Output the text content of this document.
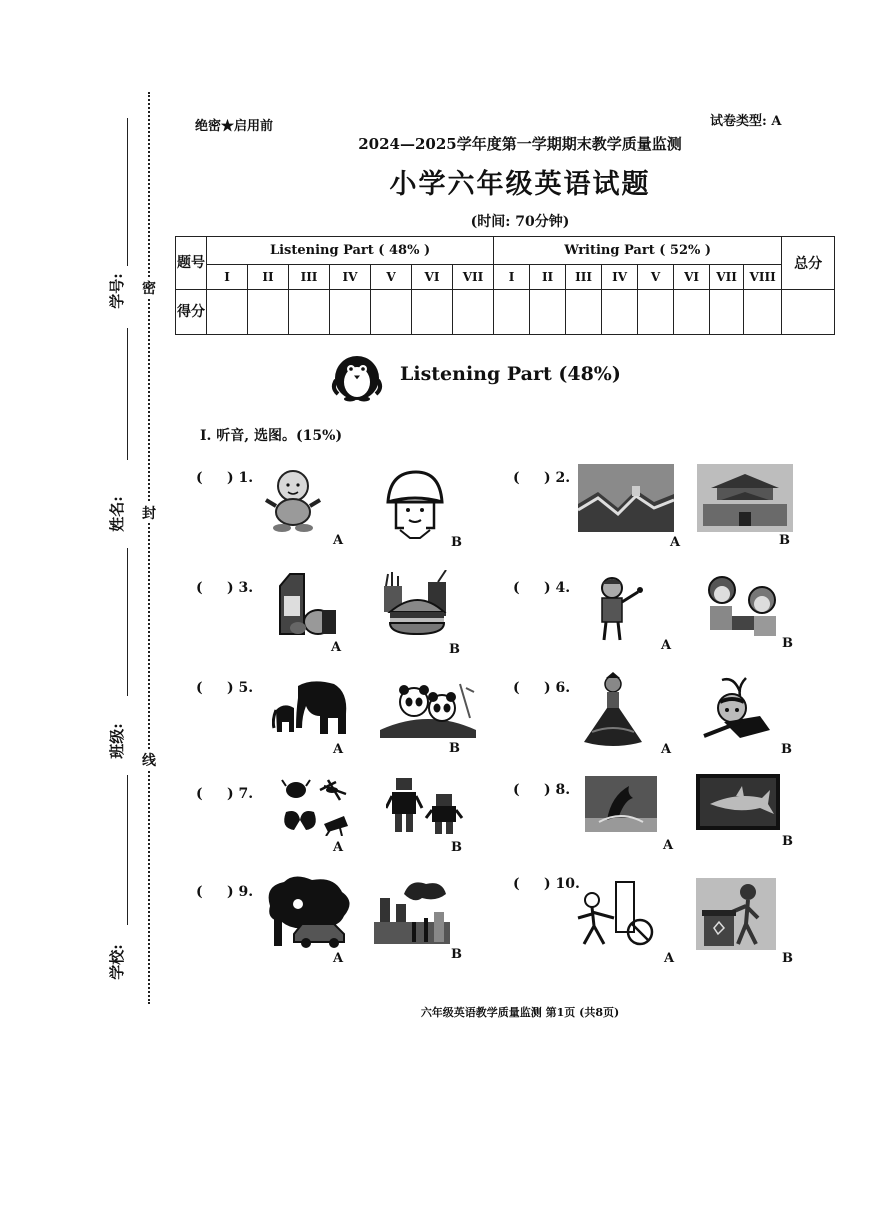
密
封
线
学号:
姓名:
班级:
学校:
绝密★启用前	试卷类型: A
2024—2025学年度第一学期期末教学质量监测
小学六年级英语试题
(时间: 70分钟)
题号	Listening Part ( 48% )							Writing Part ( 52% )								总分
	I	II	III	IV	V	VI	VII	I	II	III	IV	V	VI	VII	VIII	
得分																
Listening Part (48%)
I. 听音, 选图。(15%)
(     ) 1.
A	B
(     ) 2.
A	B
(     ) 3.
A	B
(     ) 4.
A	B
(     ) 5.
A	B
(     ) 6.
A	B
(     ) 7.
A	B
(     ) 8.
A	B
(     ) 9.
A	B
(     ) 10.
A	B
六年级英语教学质量监测 第1页 (共8页)
